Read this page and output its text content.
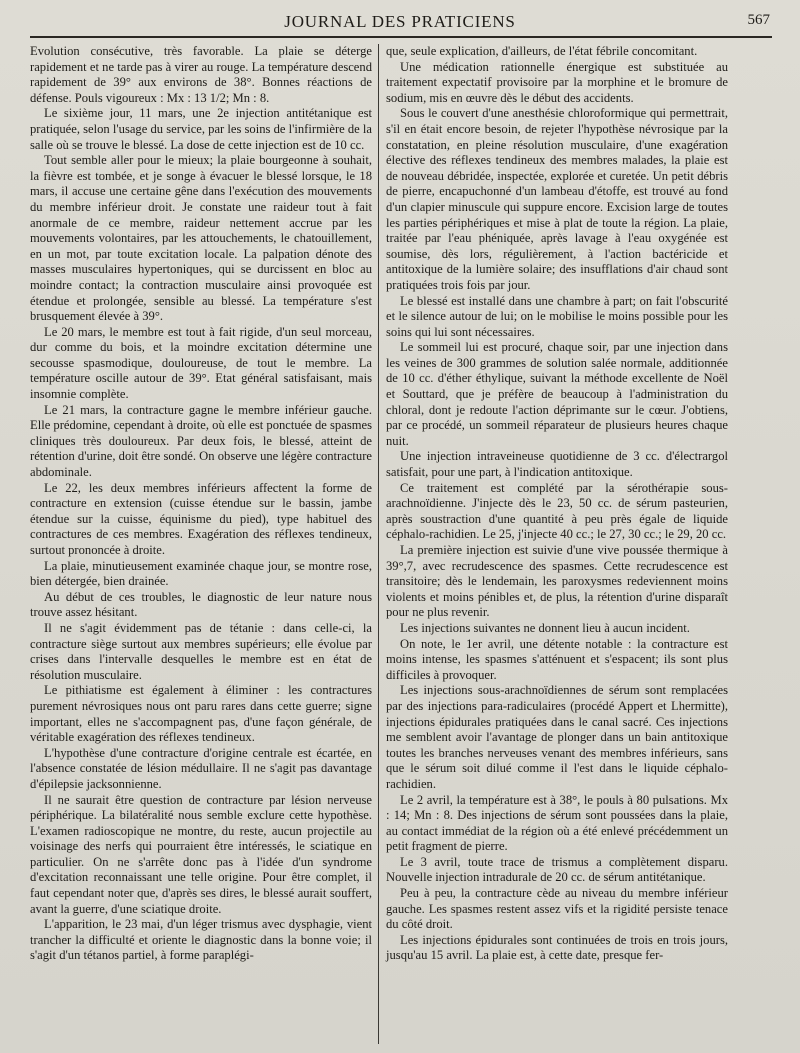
JOURNAL DES PRATICIENS	567

Evolution consécutive, très favorable. La plaie se déterge rapidement et ne tarde pas à virer au rouge. La température descend rapidement de 39° aux environs de 38°. Bonnes réactions de défense. Pouls vigoureux : Mx : 13 1/2; Mn : 8.

Le sixième jour, 11 mars, une 2e injection antitétanique est pratiquée, selon l'usage du service, par les soins de l'infirmière de la salle où se trouve le blessé. La dose de cette injection est de 10 cc.

Tout semble aller pour le mieux; la plaie bourgeonne à souhait, la fièvre est tombée, et je songe à évacuer le blessé lorsque, le 18 mars, il accuse une certaine gêne dans l'exécution des mouvements du membre inférieur droit. Je constate une raideur tout à fait anormale de ce membre, raideur nettement accrue par les mouvements volontaires, par les attouchements, le chatouillement, en un mot, par toute excitation locale. La palpation dénote des masses musculaires hypertoniques, qui se durcissent en bloc au moindre contact; la contraction musculaire ainsi provoquée est étendue et prolongée, sensible au blessé. La température s'est brusquement élevée à 39°.

Le 20 mars, le membre est tout à fait rigide, d'un seul morceau, dur comme du bois, et la moindre excitation détermine une secousse spasmodique, douloureuse, de tout le membre. La température oscille autour de 39°. Etat général satisfaisant, mais insomnie complète.

Le 21 mars, la contracture gagne le membre inférieur gauche. Elle prédomine, cependant à droite, où elle est ponctuée de spasmes cliniques très douloureux. Par deux fois, le blessé, atteint de rétention d'urine, doit être sondé. On observe une légère contracture abdominale.

Le 22, les deux membres inférieurs affectent la forme de contracture en extension (cuisse étendue sur le bassin, jambe étendue sur la cuisse, équinisme du pied), type habituel des contractures de ces membres. Exagération des réflexes tendineux, surtout prononcée à droite.

La plaie, minutieusement examinée chaque jour, se montre rose, bien détergée, bien drainée.

Au début de ces troubles, le diagnostic de leur nature nous trouve assez hésitant.

Il ne s'agit évidemment pas de tétanie : dans celle-ci, la contracture siège surtout aux membres supérieurs; elle évolue par crises dans l'intervalle desquelles le membre est en état de résolution musculaire.

Le pithiatisme est également à éliminer : les contractures purement névrosiques nous ont paru rares dans cette guerre; signe important, elles ne s'accompagnent pas, d'une façon générale, de véritable exagération des réflexes tendineux.

L'hypothèse d'une contracture d'origine centrale est écartée, en l'absence constatée de lésion médullaire. Il ne s'agit pas davantage d'épilepsie jacksonnienne.

Il ne saurait être question de contracture par lésion nerveuse périphérique. La bilatéralité nous semble exclure cette hypothèse. L'examen radioscopique ne montre, du reste, aucun projectile au voisinage des nerfs qui pourraient être intéressés, le sciatique en particulier. On ne s'arrête donc pas à l'idée d'un syndrome d'excitation reconnaissant une telle origine. Pour être complet, il faut cependant noter que, d'après ses dires, le blessé aurait souffert, avant la guerre, d'une sciatique droite.

L'apparition, le 23 mai, d'un léger trismus avec dysphagie, vient trancher la difficulté et oriente le diagnostic dans la bonne voie; il s'agit d'un tétanos partiel, à forme paraplégi-

que, seule explication, d'ailleurs, de l'état fébrile concomitant.

Une médication rationnelle énergique est substituée au traitement expectatif provisoire par la morphine et le bromure de sodium, mis en œuvre dès le début des accidents.

Sous le couvert d'une anesthésie chloroformique qui permettrait, s'il en était encore besoin, de rejeter l'hypothèse névrosique par la constatation, en pleine résolution musculaire, d'une exagération élective des réflexes tendineux des membres malades, la plaie est de nouveau débridée, inspectée, explorée et curetée. Un petit débris de pierre, encapuchonné d'un lambeau d'étoffe, est trouvé au fond d'un clapier minuscule qui suppure encore. Excision large de toutes les parties périphériques et mise à plat de toute la région. La plaie, traitée par l'eau phéniquée, après lavage à l'eau oxygénée est soumise, dès lors, régulièrement, à l'action bactéricide et antitoxique de la lumière solaire; des insufflations d'air chaud sont pratiquées trois fois par jour.

Le blessé est installé dans une chambre à part; on fait l'obscurité et le silence autour de lui; on le mobilise le moins possible pour les soins qui lui sont nécessaires.

Le sommeil lui est procuré, chaque soir, par une injection dans les veines de 300 grammes de solution salée normale, additionnée de 10 cc. d'éther éthylique, suivant la méthode excellente de Noël et Souttard, que je préfère de beaucoup à l'administration du chloral, dont je redoute l'action déprimante sur le cœur. J'obtiens, par ce procédé, un sommeil réparateur de plusieurs heures chaque nuit.

Une injection intraveineuse quotidienne de 3 cc. d'électrargol satisfait, pour une part, à l'indication antitoxique.

Ce traitement est complété par la sérothérapie sous-arachnoïdienne. J'injecte dès le 23, 50 cc. de sérum pasteurien, après soustraction d'une quantité à peu près égale de liquide céphalo-rachidien. Le 25, j'injecte 40 cc.; le 27, 30 cc.; le 29, 20 cc.

La première injection est suivie d'une vive poussée thermique à 39°,7, avec recrudescence des spasmes. Cette recrudescence est transitoire; dès le lendemain, les paroxysmes redeviennent moins violents et moins pénibles et, de plus, la rétention d'urine disparaît pour ne plus revenir.

Les injections suivantes ne donnent lieu à aucun incident.

On note, le 1er avril, une détente notable : la contracture est moins intense, les spasmes s'atténuent et s'espacent; ils sont plus difficiles à provoquer.

Les injections sous-arachnoïdiennes de sérum sont remplacées par des injections para-radiculaires (procédé Appert et Lhermitte), injections épidurales pratiquées dans le canal sacré. Ces injections me semblent avoir l'avantage de plonger dans un bain antitoxique toutes les branches nerveuses venant des membres inférieurs, sans que le sérum soit dilué comme il l'est dans le liquide céphalo-rachidien.

Le 2 avril, la température est à 38°, le pouls à 80 pulsations. Mx : 14; Mn : 8. Des injections de sérum sont poussées dans la plaie, au contact immédiat de la région où a été enlevé précédemment un petit fragment de pierre.

Le 3 avril, toute trace de trismus a complètement disparu. Nouvelle injection intradurale de 20 cc. de sérum antitétanique.

Peu à peu, la contracture cède au niveau du membre inférieur gauche. Les spasmes restent assez vifs et la rigidité persiste tenace du côté droit.

Les injections épidurales sont continuées de trois en trois jours, jusqu'au 15 avril. La plaie est, à cette date, presque fer-
